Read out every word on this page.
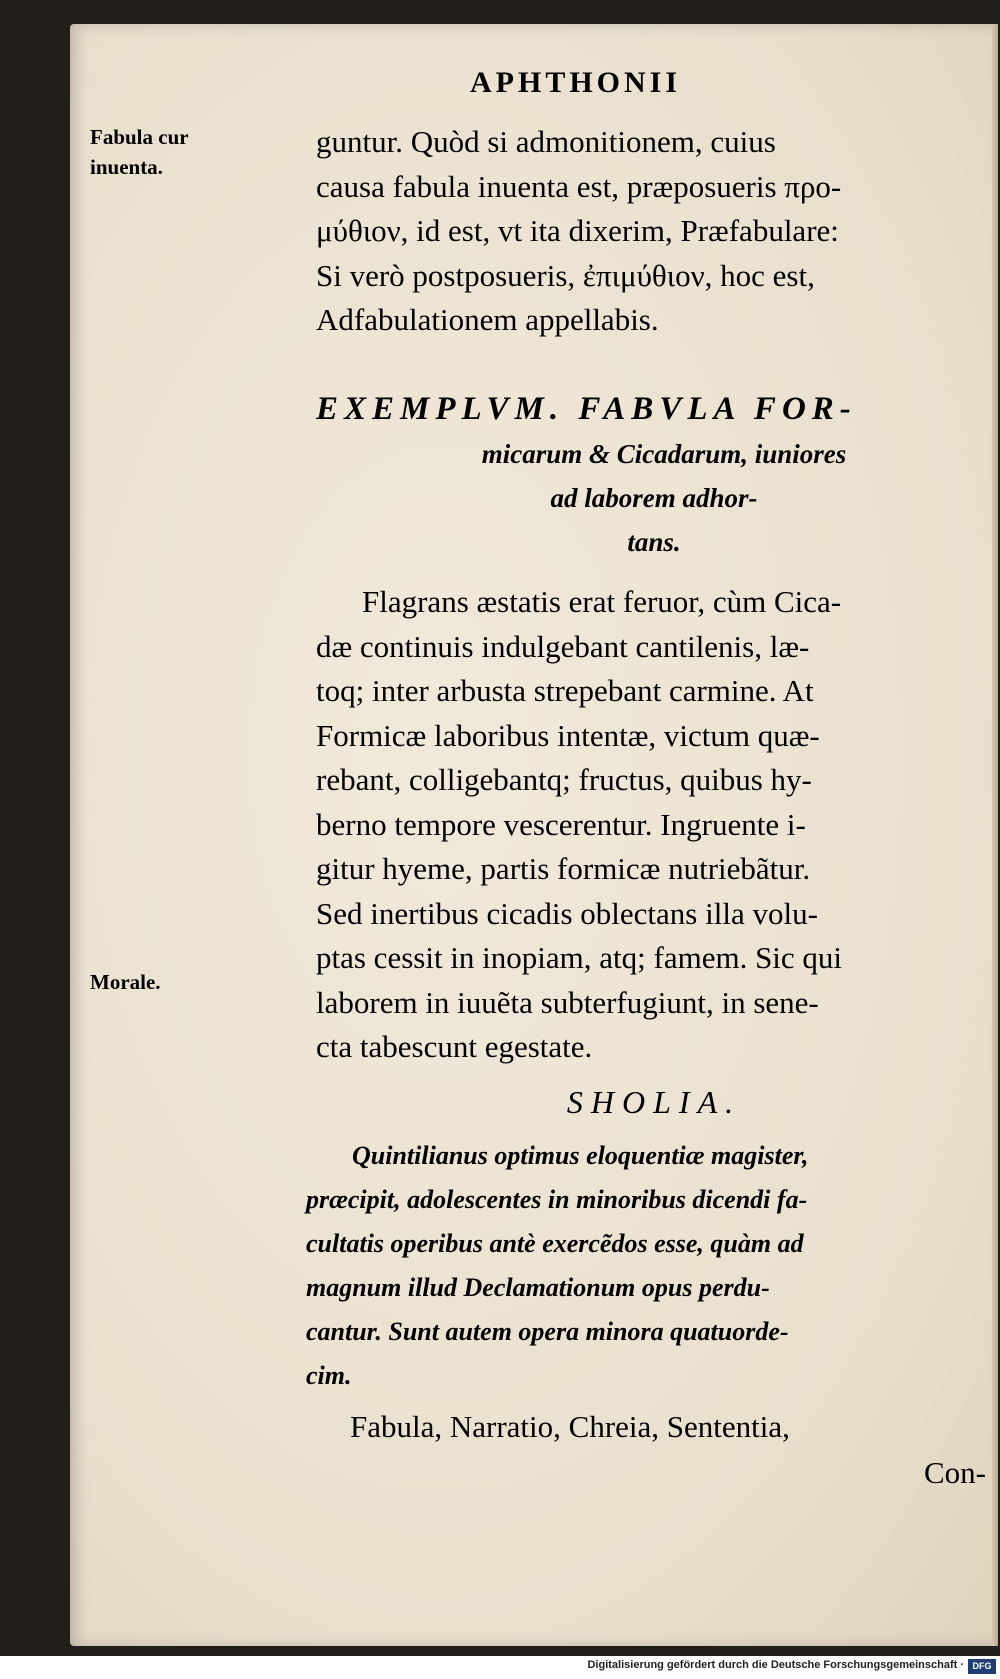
APHTHONII
Fabula cur inuenta.
Morale.
guntur. Quòd si admonitionem, cuius
causa fabula inuenta est, præposueris προ-
μύθιον, id est, vt ita dixerim, Præfabulare:
Si verò postposueris, ἐπιμύθιον, hoc est,
Adfabulationem appellabis.
EXEMPLVM. FABVLA FOR-
micarum & Cicadarum, iuniores
ad laborem adhor-
tans.
Flagrans æstatis erat feruor, cùm Cica-
dæ continuis indulgebant cantilenis, læ-
toq; inter arbusta strepebant carmine. At
Formicæ laboribus intentæ, victum quæ-
rebant, colligebantq; fructus, quibus hy-
berno tempore vescerentur. Ingruente i-
gitur hyeme, partis formicæ nutriebãtur.
Sed inertibus cicadis oblectans illa volu-
ptas cessit in inopiam, atq; famem. Sic qui
laborem in iuuẽta subterfugiunt, in sene-
cta tabescunt egestate.
SHOLIA.
Quintilianus optimus eloquentiæ magister,
præcipit, adolescentes in minoribus dicendi fa-
cultatis operibus antè exercẽdos esse, quàm ad
magnum illud Declamationum opus perdu-
cantur. Sunt autem opera minora quatuorde-
cim.
Fabula, Narratio, Chreia, Sententia,
Con-
Digitalisierung gefördert durch die Deutsche Forschungsgemeinschaft · DFG
